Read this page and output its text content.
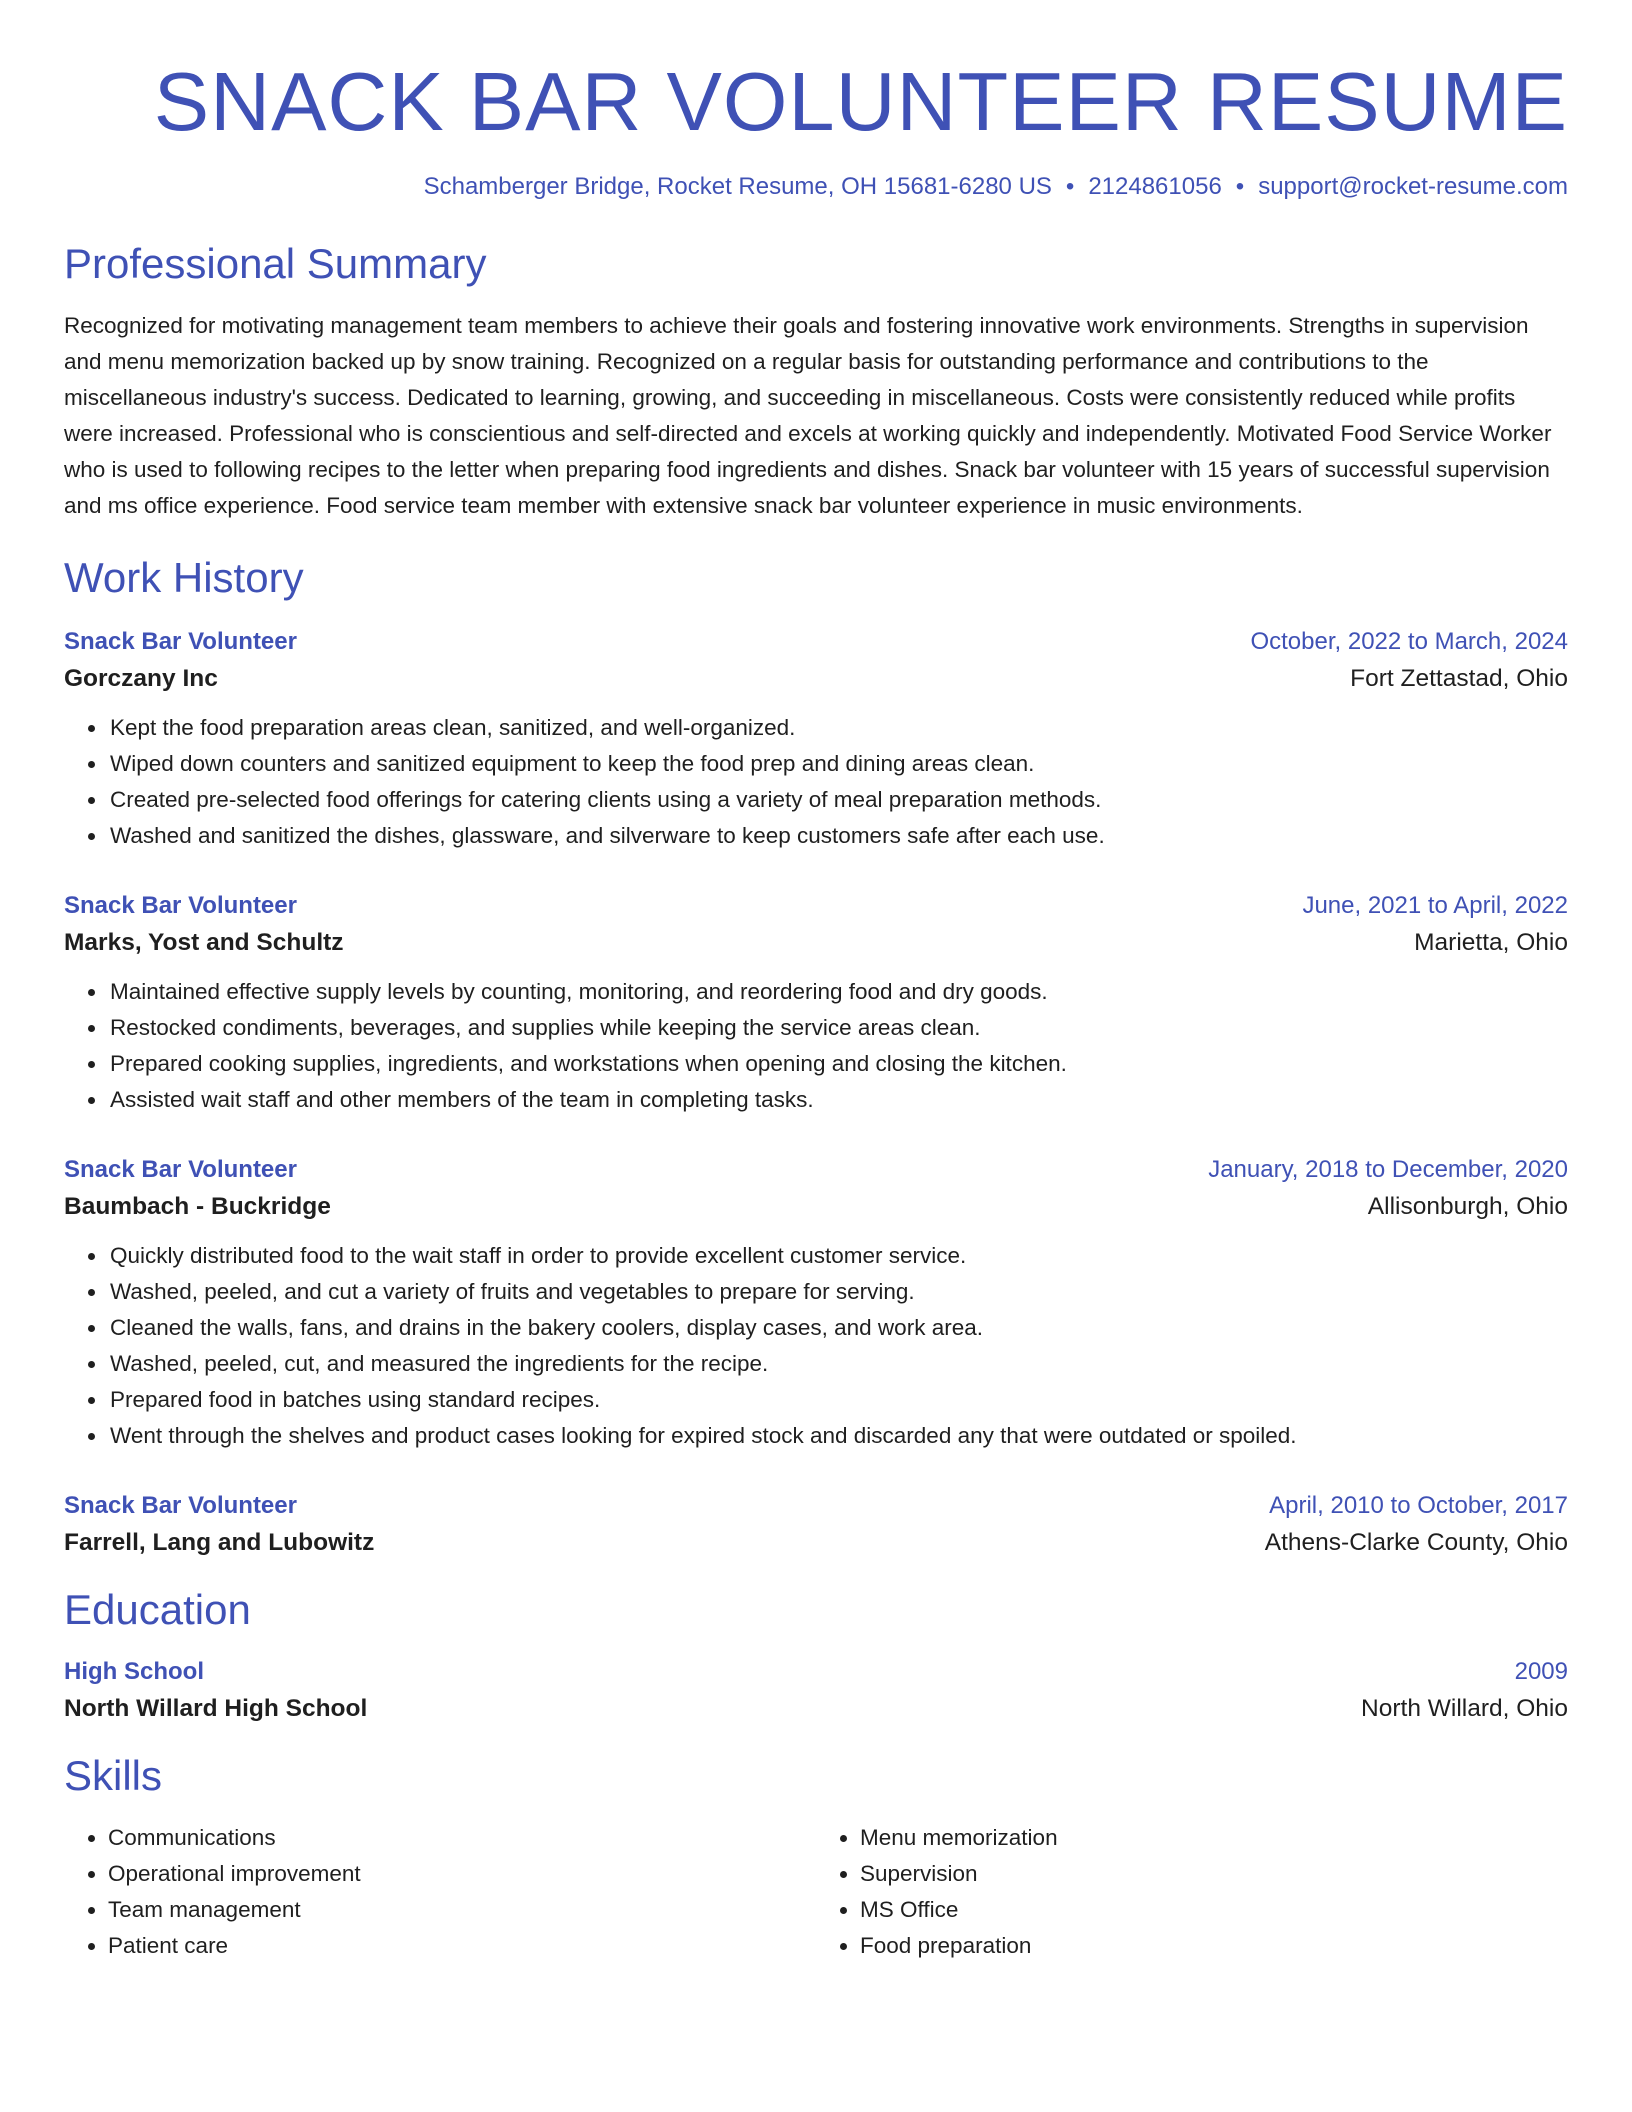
SNACK BAR VOLUNTEER RESUME
Schamberger Bridge, Rocket Resume, OH 15681-6280 US • 2124861056 • support@rocket-resume.com
Professional Summary

Recognized for motivating management team members to achieve their goals and fostering innovative work environments. Strengths in supervision and menu memorization backed up by snow training. Recognized on a regular basis for outstanding performance and contributions to the miscellaneous industry's success. Dedicated to learning, growing, and succeeding in miscellaneous. Costs were consistently reduced while profits were increased. Professional who is conscientious and self-directed and excels at working quickly and independently. Motivated Food Service Worker who is used to following recipes to the letter when preparing food ingredients and dishes. Snack bar volunteer with 15 years of successful supervision and ms office experience. Food service team member with extensive snack bar volunteer experience in music environments.

Work History
Snack Bar Volunteer	October, 2022 to March, 2024
Gorczany Inc	Fort Zettastad, Ohio
• Kept the food preparation areas clean, sanitized, and well-organized.
• Wiped down counters and sanitized equipment to keep the food prep and dining areas clean.
• Created pre-selected food offerings for catering clients using a variety of meal preparation methods.
• Washed and sanitized the dishes, glassware, and silverware to keep customers safe after each use.
Snack Bar Volunteer	June, 2021 to April, 2022
Marks, Yost and Schultz	Marietta, Ohio
• Maintained effective supply levels by counting, monitoring, and reordering food and dry goods.
• Restocked condiments, beverages, and supplies while keeping the service areas clean.
• Prepared cooking supplies, ingredients, and workstations when opening and closing the kitchen.
• Assisted wait staff and other members of the team in completing tasks.
Snack Bar Volunteer	January, 2018 to December, 2020
Baumbach - Buckridge	Allisonburgh, Ohio
• Quickly distributed food to the wait staff in order to provide excellent customer service.
• Washed, peeled, and cut a variety of fruits and vegetables to prepare for serving.
• Cleaned the walls, fans, and drains in the bakery coolers, display cases, and work area.
• Washed, peeled, cut, and measured the ingredients for the recipe.
• Prepared food in batches using standard recipes.
• Went through the shelves and product cases looking for expired stock and discarded any that were outdated or spoiled.
Snack Bar Volunteer	April, 2010 to October, 2017
Farrell, Lang and Lubowitz	Athens-Clarke County, Ohio
Education
High School	2009
North Willard High School	North Willard, Ohio
Skills
• Communications
• Operational improvement
• Team management
• Patient care
• Menu memorization
• Supervision
• MS Office
• Food preparation
